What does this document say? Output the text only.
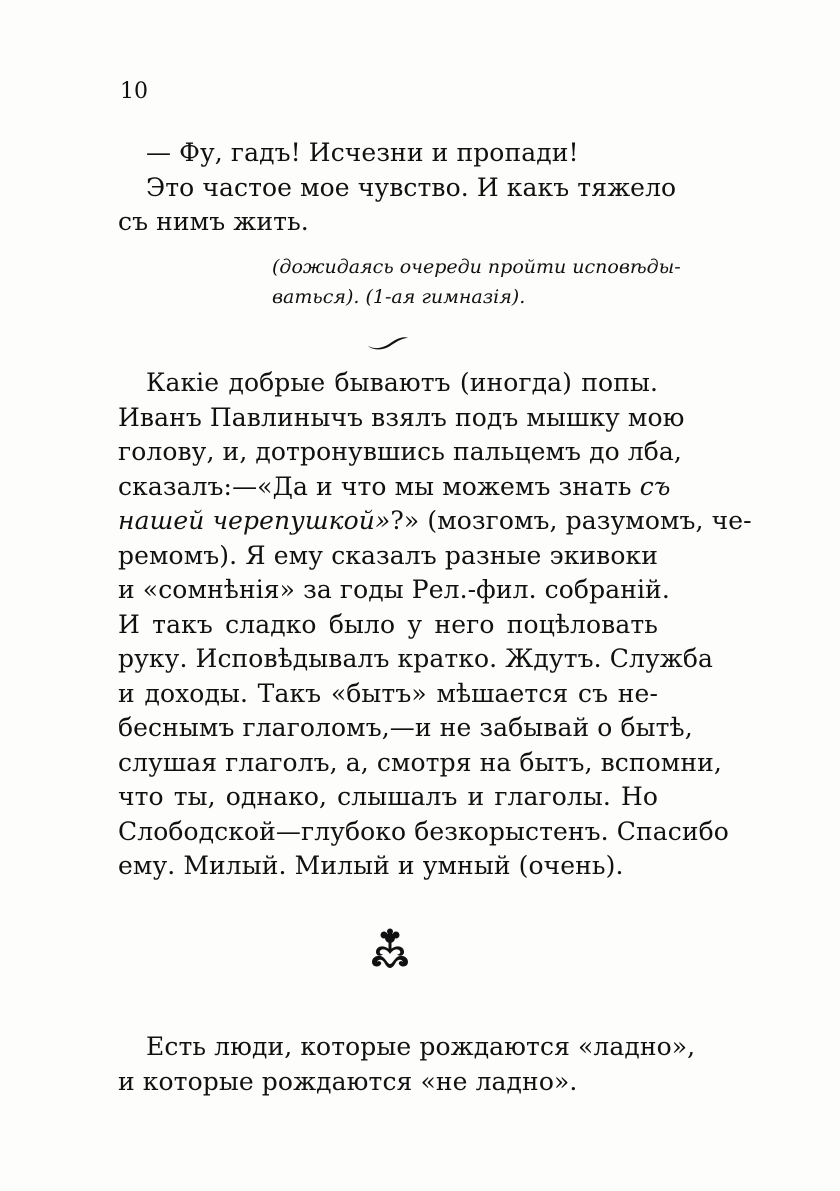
10
— Фу, гадъ! Исчезни и пропади!
Это частое мое чувство. И какъ тяжело
съ нимъ жить.
(дожидаясь очереди пройти исповѣды-
ваться). (1-ая гимназія).
Какіе добрые бываютъ (иногда) попы.
Иванъ Павлинычъ взялъ подъ мышку мою
голову, и, дотронувшись пальцемъ до лба,
сказалъ:—«Да и что мы можемъ знать съ
нашей черепушкой»?» (мозгомъ, разумомъ, че-
ремомъ). Я ему сказалъ разные экивоки
и «сомнѣнія» за годы Рел.-фил. собраній.
И такъ сладко было у него поцѣловать
руку. Исповѣдывалъ кратко. Ждутъ. Служба
и доходы. Такъ «бытъ» мѣшается съ не-
беснымъ глаголомъ,—и не забывай о бытѣ,
слушая глаголъ, а, смотря на бытъ, вспомни,
что ты, однако, слышалъ и глаголы. Но
Слободской—глубоко безкорыстенъ. Спасибо
ему. Милый. Милый и умный (очень).
Есть люди, которые рождаются «ладно»,
и которые рождаются «не ладно».
